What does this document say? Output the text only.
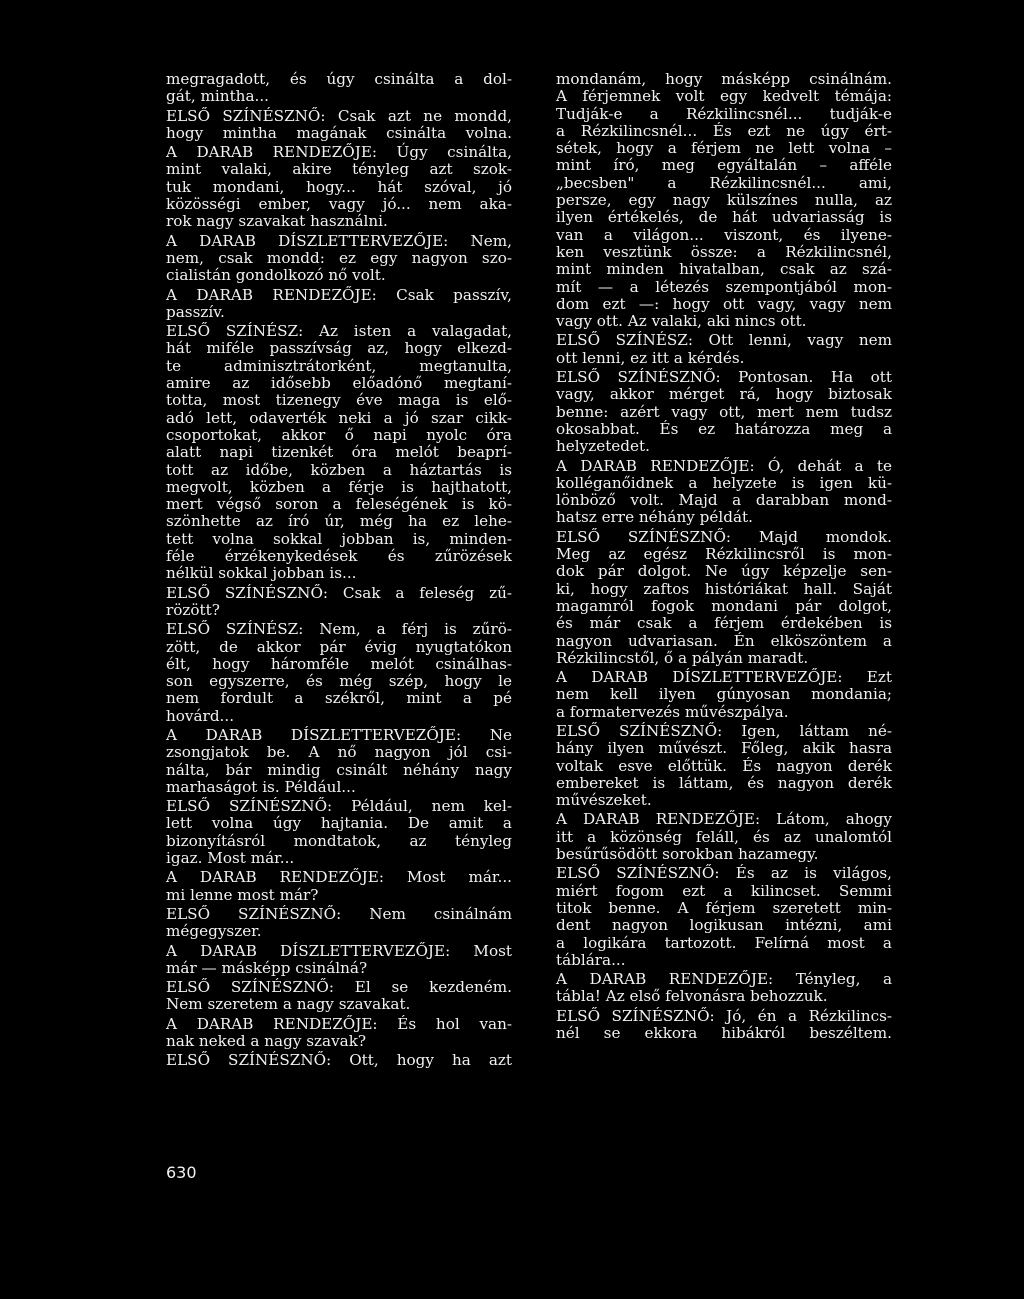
megragadott, és úgy csinálta a dol-
gát, mintha...
ELSŐ SZÍNÉSZNŐ: Csak azt ne mondd,
hogy mintha magának csinálta volna.
A DARAB RENDEZŐJE: Úgy csinálta,
mint valaki, akire tényleg azt szok-
tuk mondani, hogy... hát szóval, jó
közösségi ember, vagy jó... nem aka-
rok nagy szavakat használni.
A DARAB DÍSZLETTERVEZŐJE: Nem,
nem, csak mondd: ez egy nagyon szo-
cialistán gondolkozó nő volt.
A DARAB RENDEZŐJE: Csak passzív,
passzív.
ELSŐ SZÍNÉSZ: Az isten a valagadat,
hát miféle passzívság az, hogy elkezd-
te adminisztrátorként, megtanulta,
amire az idősebb előadónő megtaní-
totta, most tizenegy éve maga is elő-
adó lett, odaverték neki a jó szar cikk-
csoportokat, akkor ő napi nyolc óra
alatt napi tizenkét óra melót beaprí-
tott az időbe, közben a háztartás is
megvolt, közben a férje is hajthatott,
mert végső soron a feleségének is kö-
szönhette az író úr, még ha ez lehe-
tett volna sokkal jobban is, minden-
féle érzékenykedések és zűrözések
nélkül sokkal jobban is...
ELSŐ SZÍNÉSZNŐ: Csak a feleség zű-
rözött?
ELSŐ SZÍNÉSZ: Nem, a férj is zűrö-
zött, de akkor pár évig nyugtatókon
élt, hogy háromféle melót csinálhas-
son egyszerre, és még szép, hogy le
nem fordult a székről, mint a pé
hovárd...
A DARAB DÍSZLETTERVEZŐJE: Ne
zsongjatok be. A nő nagyon jól csi-
nálta, bár mindig csinált néhány nagy
marhaságot is. Például...
ELSŐ SZÍNÉSZNŐ: Például, nem kel-
lett volna úgy hajtania. De amit a
bizonyításról mondtatok, az tényleg
igaz. Most már...
A DARAB RENDEZŐJE: Most már...
mi lenne most már?
ELSŐ SZÍNÉSZNŐ: Nem csinálnám
mégegyszer.
A DARAB DÍSZLETTERVEZŐJE: Most
már — másképp csinálná?
ELSŐ SZÍNÉSZNŐ: El se kezdeném.
Nem szeretem a nagy szavakat.
A DARAB RENDEZŐJE: És hol van-
nak neked a nagy szavak?
ELSŐ SZÍNÉSZNŐ: Ott, hogy ha azt
mondanám, hogy másképp csinálnám.
A férjemnek volt egy kedvelt témája:
Tudják-e a Rézkilincsnél... tudják-e
a Rézkilincsnél... És ezt ne úgy ért-
sétek, hogy a férjem ne lett volna –
mint író, meg egyáltalán – afféle
„becsben" a Rézkilincsnél... ami,
persze, egy nagy külszínes nulla, az
ilyen értékelés, de hát udvariasság is
van a világon... viszont, és ilyene-
ken vesztünk össze: a Rézkilincsnél,
mint minden hivatalban, csak az szá-
mít — a létezés szempontjából mon-
dom ezt —: hogy ott vagy, vagy nem
vagy ott. Az valaki, aki nincs ott.
ELSŐ SZÍNÉSZ: Ott lenni, vagy nem
ott lenni, ez itt a kérdés.
ELSŐ SZÍNÉSZNŐ: Pontosan. Ha ott
vagy, akkor mérget rá, hogy biztosak
benne: azért vagy ott, mert nem tudsz
okosabbat. És ez határozza meg a
helyzetedet.
A DARAB RENDEZŐJE: Ó, dehát a te
kolléganőidnek a helyzete is igen kü-
lönböző volt. Majd a darabban mond-
hatsz erre néhány példát.
ELSŐ SZÍNÉSZNŐ: Majd mondok.
Meg az egész Rézkilincsről is mon-
dok pár dolgot. Ne úgy képzelje sen-
ki, hogy zaftos históriákat hall. Saját
magamról fogok mondani pár dolgot,
és már csak a férjem érdekében is
nagyon udvariasan. Én elköszöntem a
Rézkilincstől, ő a pályán maradt.
A DARAB DÍSZLETTERVEZŐJE: Ezt
nem kell ilyen gúnyosan mondania;
a formatervezés művészpálya.
ELSŐ SZÍNÉSZNŐ: Igen, láttam né-
hány ilyen művészt. Főleg, akik hasra
voltak esve előttük. És nagyon derék
embereket is láttam, és nagyon derék
művészeket.
A DARAB RENDEZŐJE: Látom, ahogy
itt a közönség feláll, és az unalomtól
besűrűsödött sorokban hazamegy.
ELSŐ SZÍNÉSZNŐ: És az is világos,
miért fogom ezt a kilincset. Semmi
titok benne. A férjem szeretett min-
dent nagyon logikusan intézni, ami
a logikára tartozott. Felírná most a
táblára...
A DARAB RENDEZŐJE: Tényleg, a
tábla! Az első felvonásra behozzuk.
ELSŐ SZÍNÉSZNŐ: Jó, én a Rézkilincs-
nél se ekkora hibákról beszéltem.
630
